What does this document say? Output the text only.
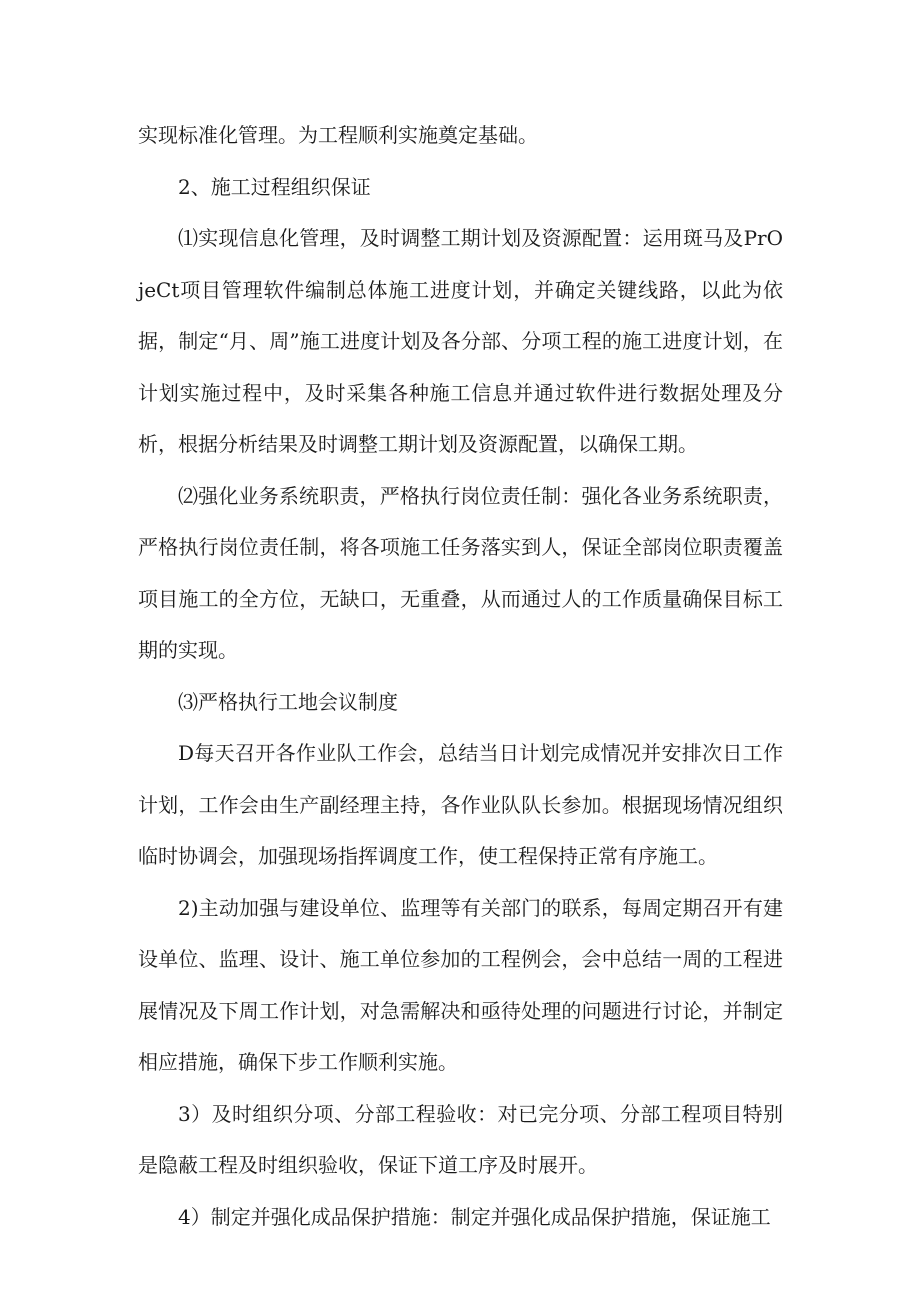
实现标准化管理。为工程顺利实施奠定基础。

2、施工过程组织保证

⑴实现信息化管理，及时调整工期计划及资源配置：运用斑马及PrOjeCt项目管理软件编制总体施工进度计划，并确定关键线路，以此为依据，制定“月、周”施工进度计划及各分部、分项工程的施工进度计划，在计划实施过程中，及时采集各种施工信息并通过软件进行数据处理及分析，根据分析结果及时调整工期计划及资源配置，以确保工期。

⑵强化业务系统职责，严格执行岗位责任制：强化各业务系统职责，严格执行岗位责任制，将各项施工任务落实到人，保证全部岗位职责覆盖项目施工的全方位，无缺口，无重叠，从而通过人的工作质量确保目标工期的实现。

⑶严格执行工地会议制度

D每天召开各作业队工作会，总结当日计划完成情况并安排次日工作计划，工作会由生产副经理主持，各作业队队长参加。根据现场情况组织临时协调会，加强现场指挥调度工作，使工程保持正常有序施工。

2)主动加强与建设单位、监理等有关部门的联系，每周定期召开有建设单位、监理、设计、施工单位参加的工程例会，会中总结一周的工程进展情况及下周工作计划，对急需解决和亟待处理的问题进行讨论，并制定相应措施，确保下步工作顺利实施。

3）及时组织分项、分部工程验收：对已完分项、分部工程项目特别是隐蔽工程及时组织验收，保证下道工序及时展开。

4）制定并强化成品保护措施：制定并强化成品保护措施，保证施工
